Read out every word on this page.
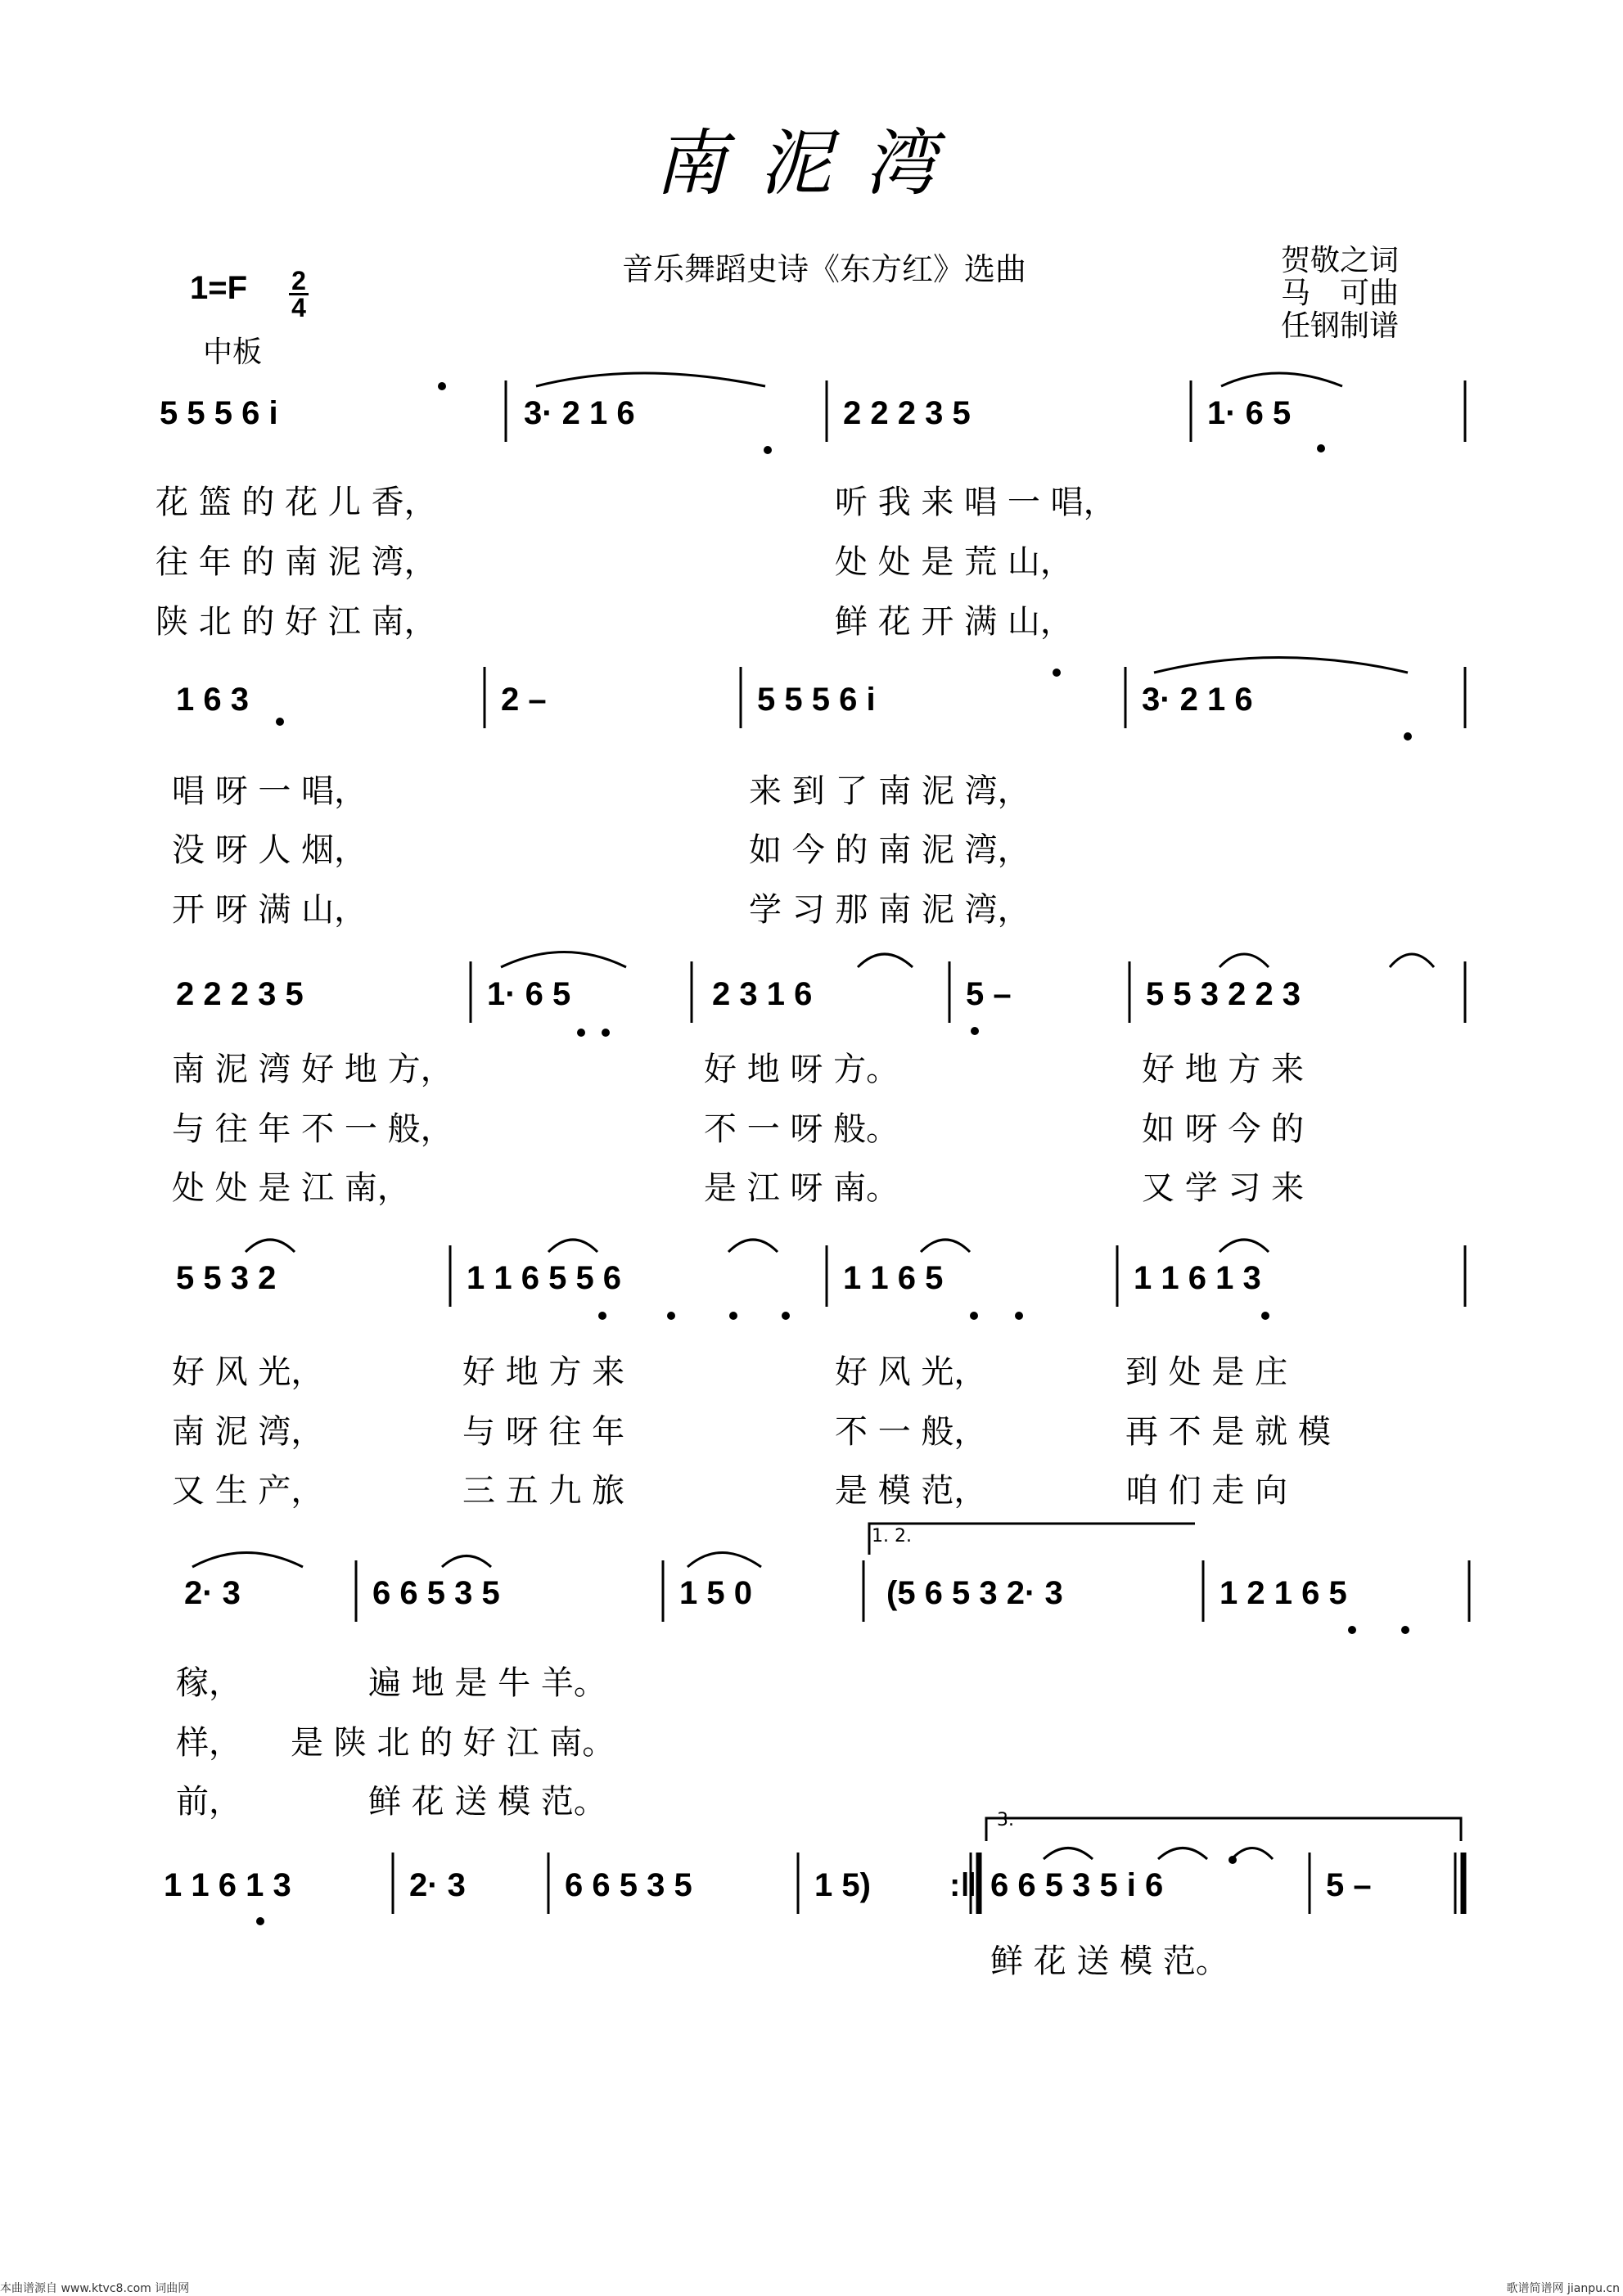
南泥湾
音乐舞蹈史诗《东方红》选曲	贺敬之词
马　可曲
任钢制谱
1=F 2
4
中板
5 5 5 6 i	3· 2 1 6	2 2 2 3 5	1· 6 5
花 篮 的 花 儿 香，	听 我 来 唱 一 唱，
往 年 的 南 泥 湾，	处 处 是 荒 山，
陕 北 的 好 江 南，	鲜 花 开 满 山，
1 6 3	2 –	5 5 5 6 i	3· 2 1 6
唱 呀 一 唱，	来 到 了 南 泥 湾，
没 呀 人 烟，	如 今 的 南 泥 湾，
开 呀 满 山，	学 习 那 南 泥 湾，
2 2 2 3 5	1· 6 5	2 3 1 6	5 –	5 5 3 2 2 3
南 泥 湾 好 地 方，	好 地 呀 方。	好 地 方 来
与 往 年 不 一 般，	不 一 呀 般。	如 呀 今 的
处 处 是 江 南，	是 江 呀 南。	又 学 习 来
5 5 3 2	1 1 6 5 5 6	1 1 6 5	1 1 6 1 3
好 风 光，	好 地 方 来	好 风 光，	到 处 是 庄
南 泥 湾，	与 呀 往 年	不 一 般，	再 不 是 就 模
又 生 产，	三 五 九 旅	是 模 范，	咱 们 走 向
1. 2.
2· 3	6 6 5 3 5	1 5 0	(5 6 5 3 2· 3	1 2 1 6 5
稼，	遍 地 是 牛 羊。
样， 是 陕 北 的 好 江 南。
前，	鲜 花 送 模 范。	3.
1 1 6 1 3	2· 3	6 6 5 3 5	1 5) :‖ 6 6 5 3 5 i 6	5 –
鲜 花 送 模 范。
本曲谱源自 www.ktvc8.com 词曲网	歌谱简谱网 jianpu.cn
